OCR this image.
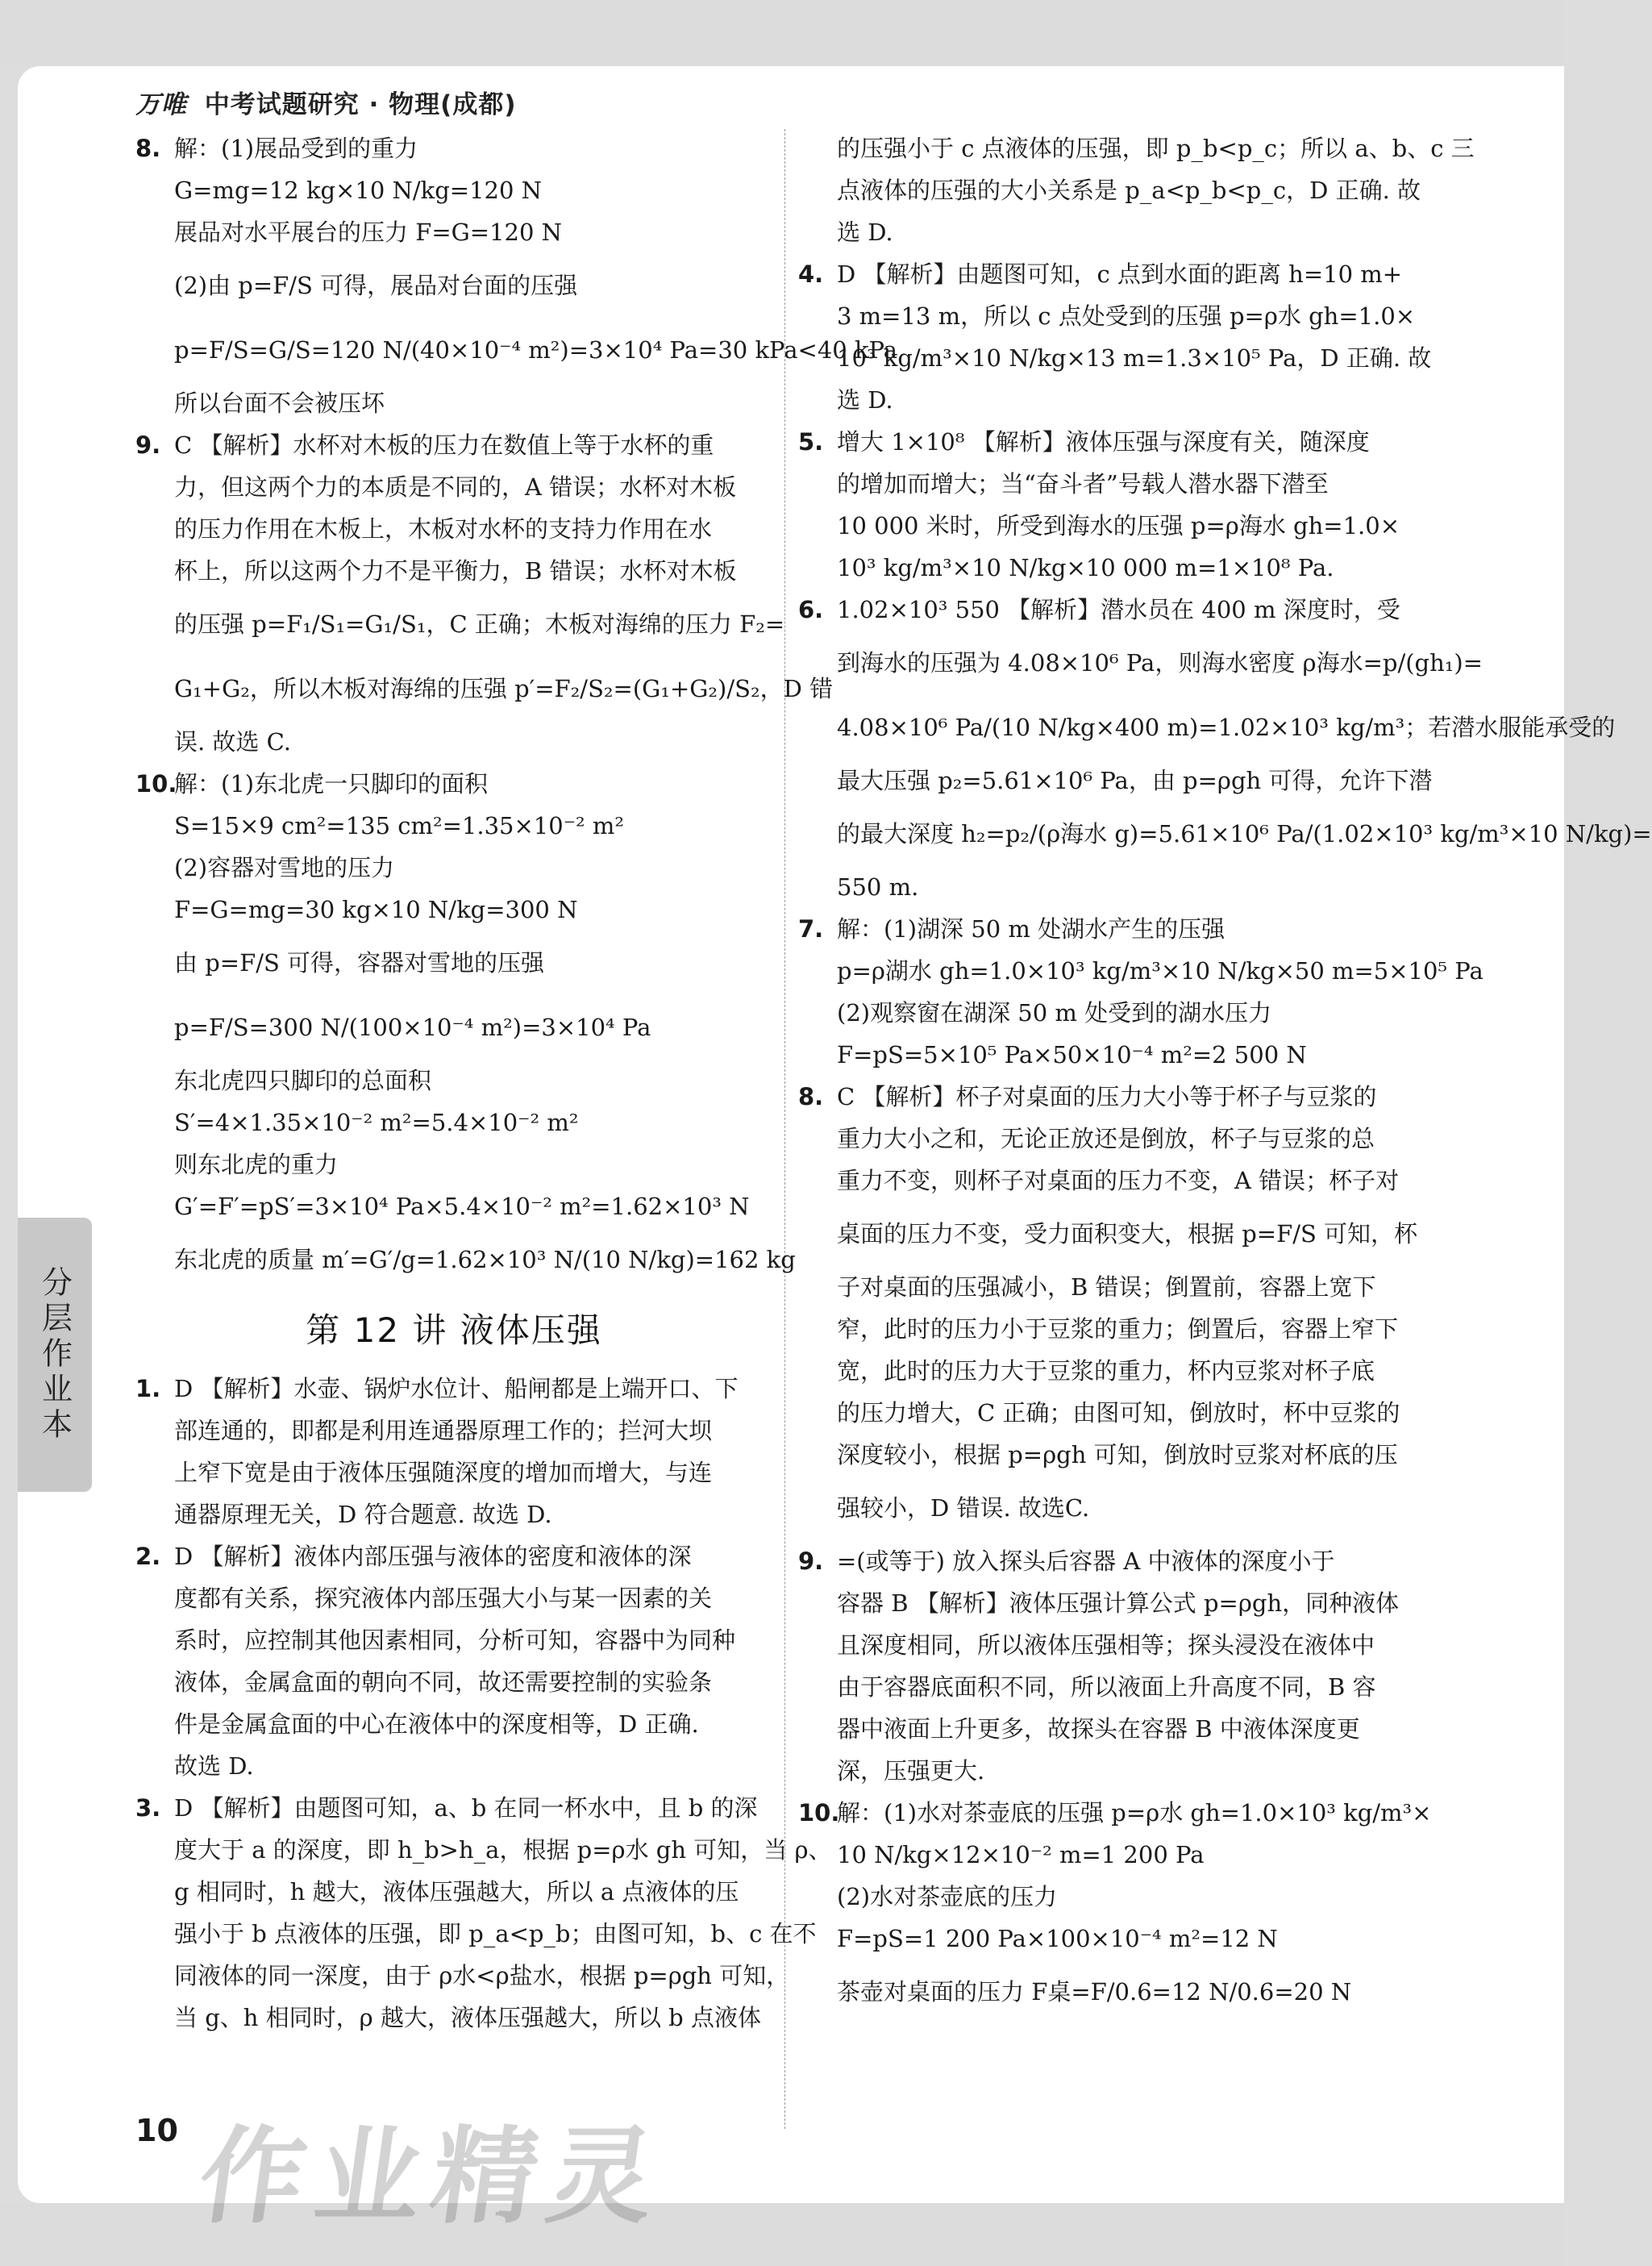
万唯 中考试题研究 · 物理(成都)
8. 解：(1)展品受到的重力
G=mg=12 kg×10 N/kg=120 N
展品对水平展台的压力 F=G=120 N
(2)由 p=F/S 可得，展品对台面的压强
p=F/S=G/S=120 N/(40×10⁻⁴ m²)=3×10⁴ Pa=30 kPa<40 kPa
所以台面不会被压坏
9. C 【解析】水杯对木板的压力在数值上等于水杯的重
力，但这两个力的本质是不同的，A 错误；水杯对木板
的压力作用在木板上，木板对水杯的支持力作用在水
杯上，所以这两个力不是平衡力，B 错误；水杯对木板
的压强 p=F₁/S₁=G₁/S₁，C 正确；木板对海绵的压力 F₂=
G₁+G₂，所以木板对海绵的压强 p′=F₂/S₂=(G₁+G₂)/S₂，D 错
误. 故选 C.
10.
解：(1)东北虎一只脚印的面积
S=15×9 cm²=135 cm²=1.35×10⁻² m²
(2)容器对雪地的压力
F=G=mg=30 kg×10 N/kg=300 N
由 p=F/S 可得，容器对雪地的压强
p=F/S=300 N/(100×10⁻⁴ m²)=3×10⁴ Pa
东北虎四只脚印的总面积
S′=4×1.35×10⁻² m²=5.4×10⁻² m²
则东北虎的重力
G′=F′=pS′=3×10⁴ Pa×5.4×10⁻² m²=1.62×10³ N
东北虎的质量 m′=G′/g=1.62×10³ N/(10 N/kg)=162 kg
第 12 讲 液体压强
1. D 【解析】水壶、锅炉水位计、船闸都是上端开口、下
部连通的，即都是利用连通器原理工作的；拦河大坝
上窄下宽是由于液体压强随深度的增加而增大，与连
通器原理无关，D 符合题意. 故选 D.
2. D 【解析】液体内部压强与液体的密度和液体的深
度都有关系，探究液体内部压强大小与某一因素的关
系时，应控制其他因素相同，分析可知，容器中为同种
液体，金属盒面的朝向不同，故还需要控制的实验条
件是金属盒面的中心在液体中的深度相等，D 正确.
故选 D.
3. D 【解析】由题图可知，a、b 在同一杯水中，且 b 的深
度大于 a 的深度，即 h_b>h_a，根据 p=ρ水 gh 可知，当 ρ、
g 相同时，h 越大，液体压强越大，所以 a 点液体的压
强小于 b 点液体的压强，即 p_a<p_b；由图可知，b、c 在不
同液体的同一深度，由于 ρ水<ρ盐水，根据 p=ρgh 可知，
当 g、h 相同时，ρ 越大，液体压强越大，所以 b 点液体
的压强小于 c 点液体的压强，即 p_b<p_c；所以 a、b、c 三
点液体的压强的大小关系是 p_a<p_b<p_c，D 正确. 故
选 D.
4. D 【解析】由题图可知，c 点到水面的距离 h=10 m+
3 m=13 m，所以 c 点处受到的压强 p=ρ水 gh=1.0×
10³ kg/m³×10 N/kg×13 m=1.3×10⁵ Pa，D 正确. 故
选 D.
5. 增大 1×10⁸ 【解析】液体压强与深度有关，随深度
的增加而增大；当“奋斗者”号载人潜水器下潜至
10 000 米时，所受到海水的压强 p=ρ海水 gh=1.0×
10³ kg/m³×10 N/kg×10 000 m=1×10⁸ Pa.
6. 1.02×10³ 550 【解析】潜水员在 400 m 深度时，受
到海水的压强为 4.08×10⁶ Pa，则海水密度 ρ海水=p/(gh₁)=
4.08×10⁶ Pa/(10 N/kg×400 m)=1.02×10³ kg/m³；若潜水服能承受的
最大压强 p₂=5.61×10⁶ Pa，由 p=ρgh 可得，允许下潜
的最大深度 h₂=p₂/(ρ海水 g)=5.61×10⁶ Pa/(1.02×10³ kg/m³×10 N/kg)=
550 m.
7. 解：(1)湖深 50 m 处湖水产生的压强
p=ρ湖水 gh=1.0×10³ kg/m³×10 N/kg×50 m=5×10⁵ Pa
(2)观察窗在湖深 50 m 处受到的湖水压力
F=pS=5×10⁵ Pa×50×10⁻⁴ m²=2 500 N
8. C 【解析】杯子对桌面的压力大小等于杯子与豆浆的
重力大小之和，无论正放还是倒放，杯子与豆浆的总
重力不变，则杯子对桌面的压力不变，A 错误；杯子对
桌面的压力不变，受力面积变大，根据 p=F/S 可知，杯
子对桌面的压强减小，B 错误；倒置前，容器上宽下
窄，此时的压力小于豆浆的重力；倒置后，容器上窄下
宽，此时的压力大于豆浆的重力，杯内豆浆对杯子底
的压力增大，C 正确；由图可知，倒放时，杯中豆浆的
深度较小，根据 p=ρgh 可知，倒放时豆浆对杯底的压
强较小，D 错误. 故选C.
9. =(或等于) 放入探头后容器 A 中液体的深度小于
容器 B 【解析】液体压强计算公式 p=ρgh，同种液体
且深度相同，所以液体压强相等；探头浸没在液体中
由于容器底面积不同，所以液面上升高度不同，B 容
器中液面上升更多，故探头在容器 B 中液体深度更
深，压强更大.
10.
解：(1)水对茶壶底的压强 p=ρ水 gh=1.0×10³ kg/m³×
10 N/kg×12×10⁻² m=1 200 Pa
(2)水对茶壶底的压力
F=pS=1 200 Pa×100×10⁻⁴ m²=12 N
茶壶对桌面的压力 F桌=F/0.6=12 N/0.6=20 N
分层作业本
10 作业精灵
